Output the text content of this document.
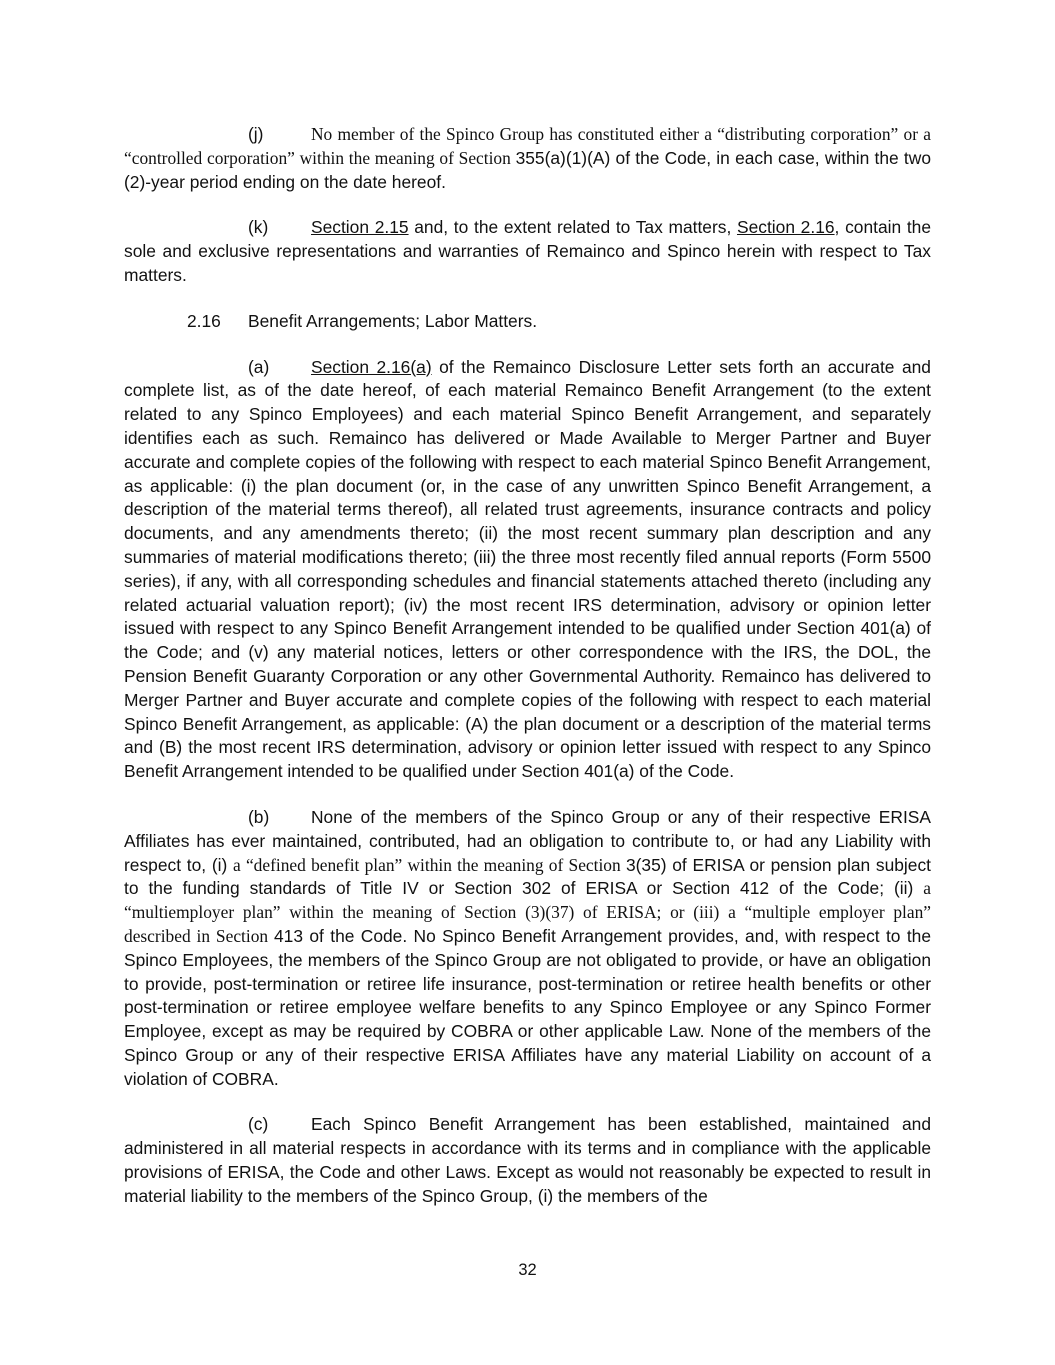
(j)	No member of the Spinco Group has constituted either a “distributing corporation” or a “controlled corporation” within the meaning of Section 355(a)(1)(A) of the Code, in each case, within the two (2)-year period ending on the date hereof.

(k) Section 2.15 and, to the extent related to Tax matters, Section 2.16, contain the sole and exclusive representations and warranties of Remainco and Spinco herein with respect to Tax matters.

2.16 Benefit Arrangements; Labor Matters.

(a) Section 2.16(a) of the Remainco Disclosure Letter sets forth an accurate and complete list, as of the date hereof, of each material Remainco Benefit Arrangement (to the extent related to any Spinco Employees) and each material Spinco Benefit Arrangement, and separately identifies each as such. Remainco has delivered or Made Available to Merger Partner and Buyer accurate and complete copies of the following with respect to each material Spinco Benefit Arrangement, as applicable: (i) the plan document (or, in the case of any unwritten Spinco Benefit Arrangement, a description of the material terms thereof), all related trust agreements, insurance contracts and policy documents, and any amendments thereto; (ii) the most recent summary plan description and any summaries of material modifications thereto; (iii) the three most recently filed annual reports (Form 5500 series), if any, with all corresponding schedules and financial statements attached thereto (including any related actuarial valuation report); (iv) the most recent IRS determination, advisory or opinion letter issued with respect to any Spinco Benefit Arrangement intended to be qualified under Section 401(a) of the Code; and (v) any material notices, letters or other correspondence with the IRS, the DOL, the Pension Benefit Guaranty Corporation or any other Governmental Authority. Remainco has delivered to Merger Partner and Buyer accurate and complete copies of the following with respect to each material Spinco Benefit Arrangement, as applicable: (A) the plan document or a description of the material terms and (B) the most recent IRS determination, advisory or opinion letter issued with respect to any Spinco Benefit Arrangement intended to be qualified under Section 401(a) of the Code.

(b) None of the members of the Spinco Group or any of their respective ERISA Affiliates has ever maintained, contributed, had an obligation to contribute to, or had any Liability with respect to, (i) a “defined benefit plan” within the meaning of Section 3(35) of ERISA or pension plan subject to the funding standards of Title IV or Section 302 of ERISA or Section 412 of the Code; (ii) a “multiemployer plan” within the meaning of Section (3)(37) of ERISA; or (iii) a “multiple employer plan” described in Section 413 of the Code. No Spinco Benefit Arrangement provides, and, with respect to the Spinco Employees, the members of the Spinco Group are not obligated to provide, or have an obligation to provide, post-termination or retiree life insurance, post-termination or retiree health benefits or other post-termination or retiree employee welfare benefits to any Spinco Employee or any Spinco Former Employee, except as may be required by COBRA or other applicable Law. None of the members of the Spinco Group or any of their respective ERISA Affiliates have any material Liability on account of a violation of COBRA.

(c) Each Spinco Benefit Arrangement has been established, maintained and administered in all material respects in accordance with its terms and in compliance with the applicable provisions of ERISA, the Code and other Laws. Except as would not reasonably be expected to result in material liability to the members of the Spinco Group, (i) the members of the

32
